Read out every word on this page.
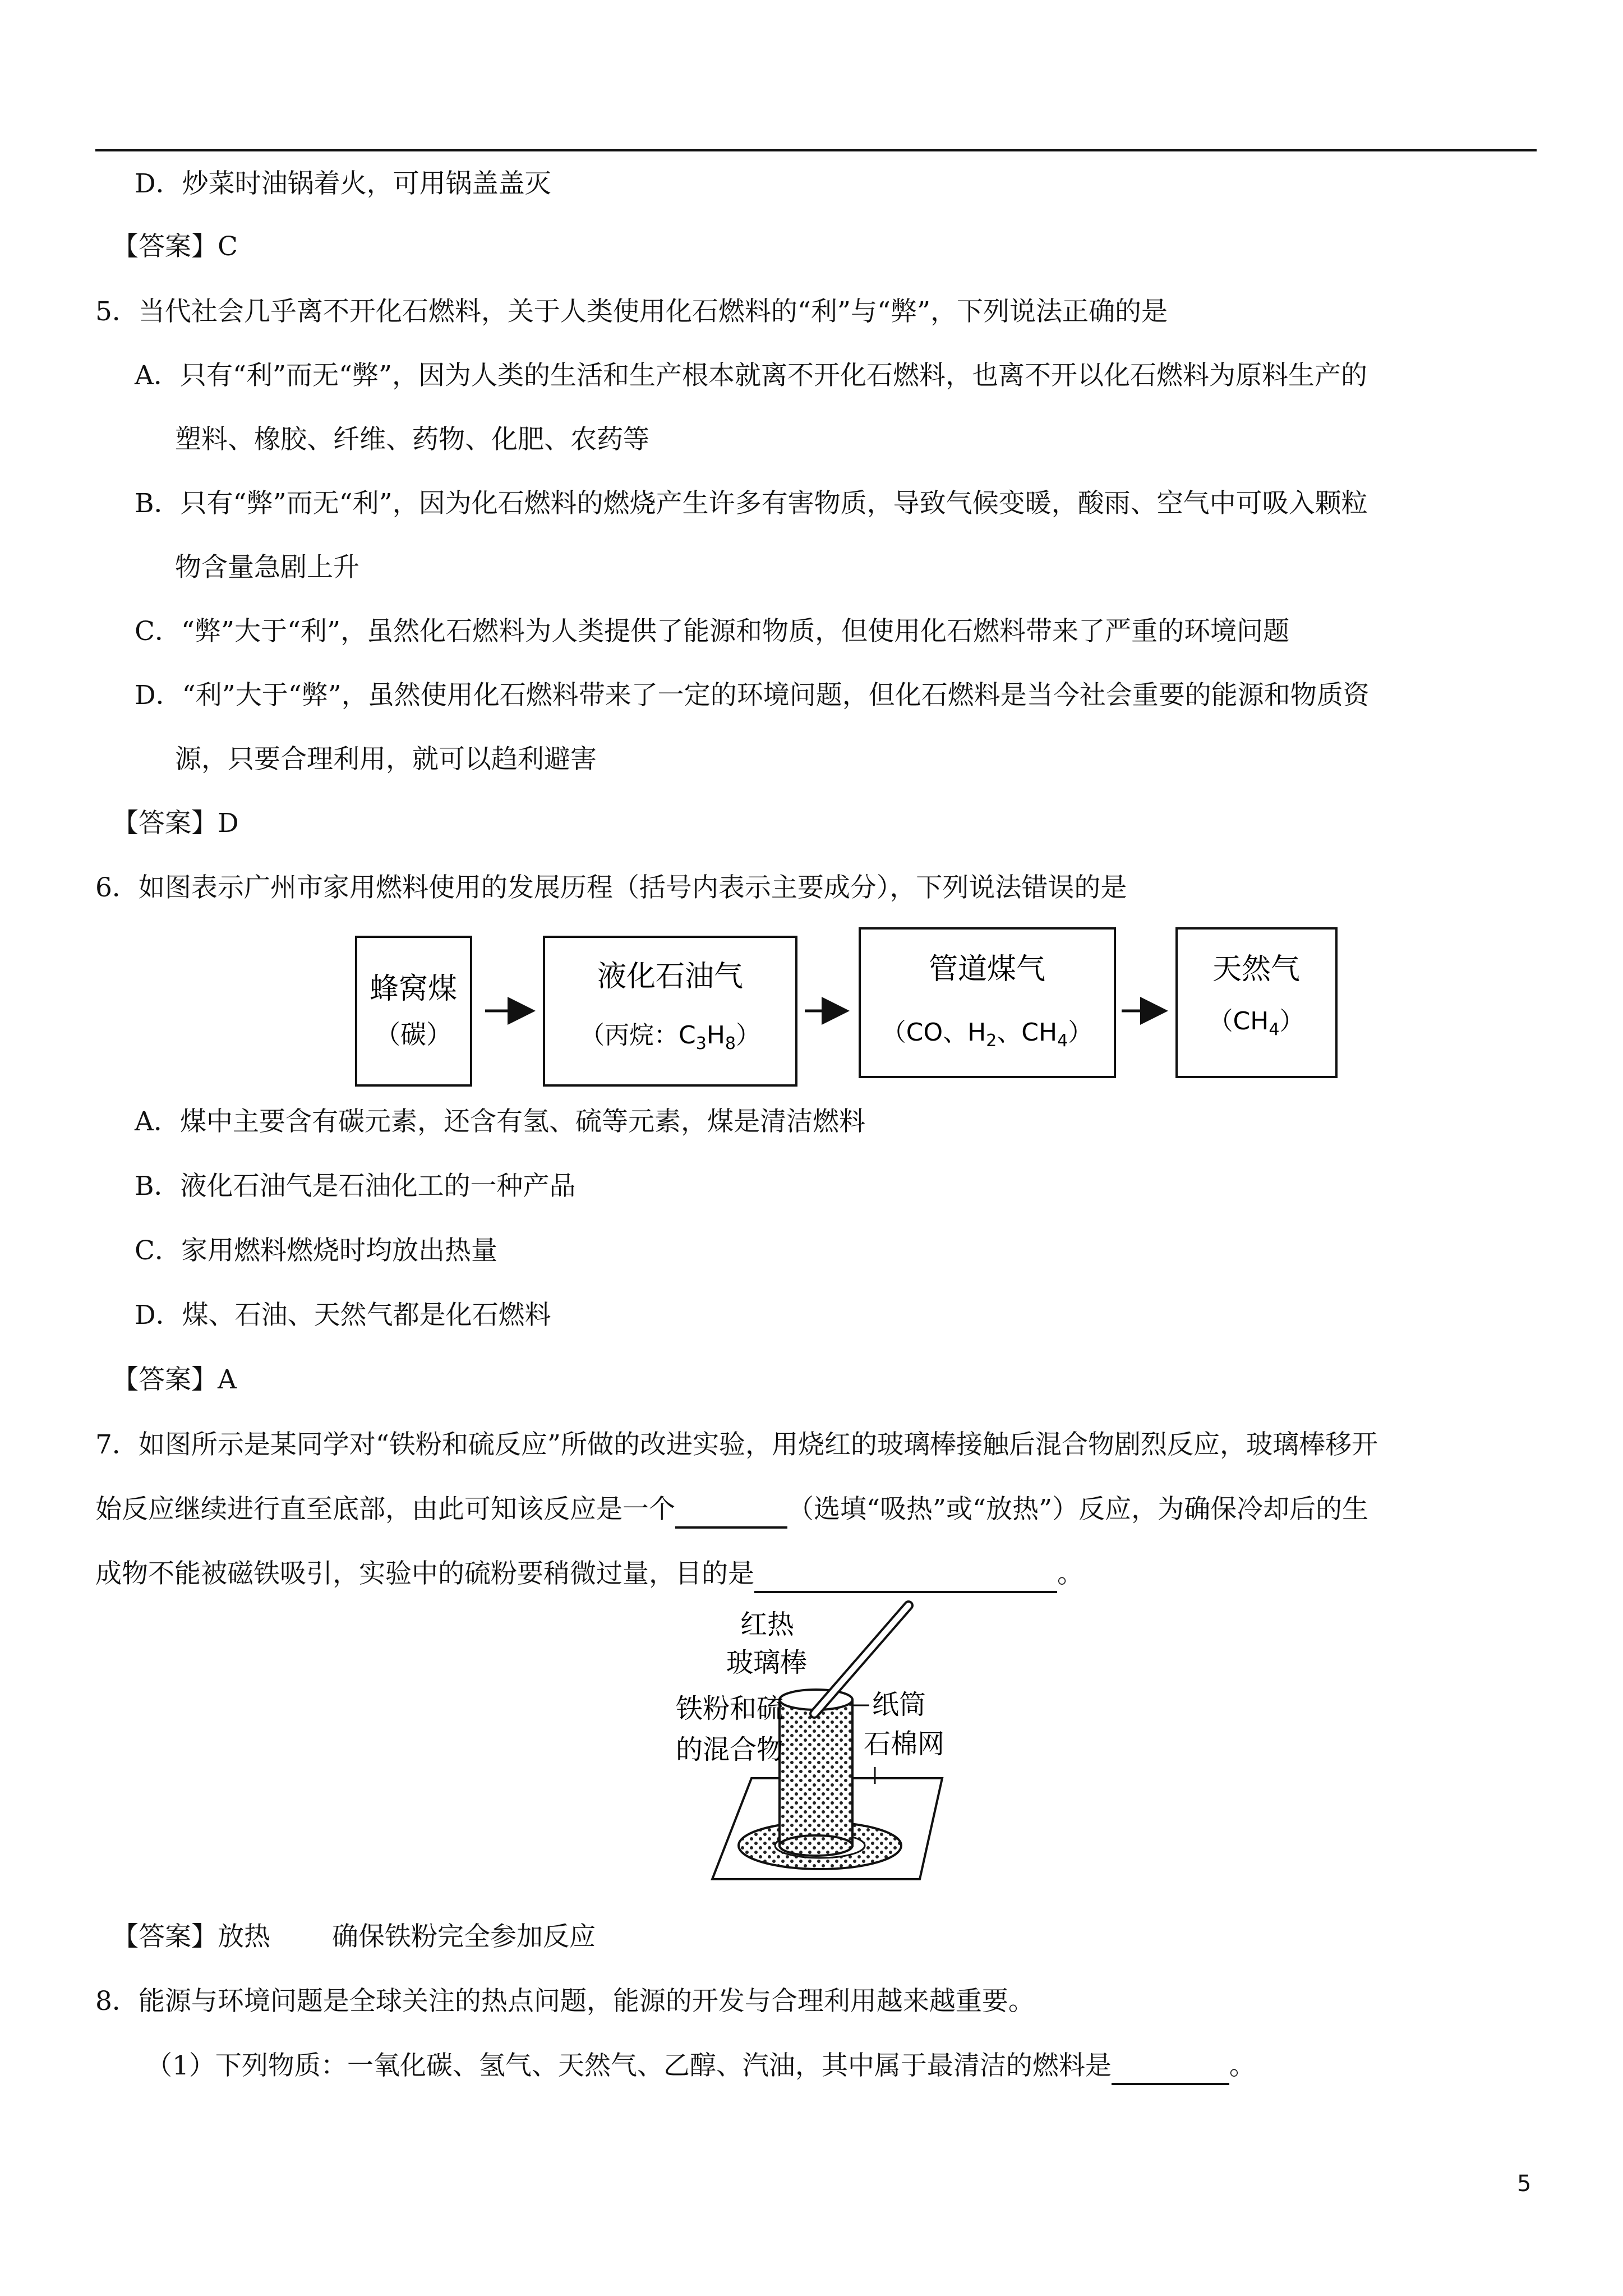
D．炒菜时油锅着火，可用锅盖盖灭
【答案】C
5．当代社会几乎离不开化石燃料，关于人类使用化石燃料的“利”与“弊”，下列说法正确的是
A．只有“利”而无“弊”，因为人类的生活和生产根本就离不开化石燃料，也离不开以化石燃料为原料生产的
塑料、橡胶、纤维、药物、化肥、农药等
B．只有“弊”而无“利”，因为化石燃料的燃烧产生许多有害物质，导致气候变暖，酸雨、空气中可吸入颗粒
物含量急剧上升
C．“弊”大于“利”，虽然化石燃料为人类提供了能源和物质，但使用化石燃料带来了严重的环境问题
D．“利”大于“弊”，虽然使用化石燃料带来了一定的环境问题，但化石燃料是当今社会重要的能源和物质资
源，只要合理利用，就可以趋利避害
【答案】D
6．如图表示广州市家用燃料使用的发展历程（括号内表示主要成分），下列说法错误的是
蜂窝煤
（碳）
液化石油气
（丙烷：$C_3H_8$）
管道煤气
（CO、$H_2$、$CH_4$）
天然气
$(CH_4)$
A．煤中主要含有碳元素，还含有氢、硫等元素，煤是清洁燃料
B．液化石油气是石油化工的一种产品
C．家用燃料燃烧时均放出热量
D．煤、石油、天然气都是化石燃料
【答案】A
7．如图所示是某同学对“铁粉和硫反应”所做的改进实验，用烧红的玻璃棒接触后混合物剧烈反应，玻璃棒移开
始反应继续进行直至底部，由此可知该反应是一个	（选填“吸热”或“放热”）反应，为确保冷却后的生
成物不能被磁铁吸引，实验中的硫粉要稍微过量，目的是	。
红热
玻璃棒
铁粉和硫
的混合物
纸筒
石棉网
【答案】放热 确保铁粉完全参加反应
8．能源与环境问题是全球关注的热点问题，能源的开发与合理利用越来越重要。
（1）下列物质：一氧化碳、氢气、天然气、乙醇、汽油，其中属于最清洁的燃料是	。
5
